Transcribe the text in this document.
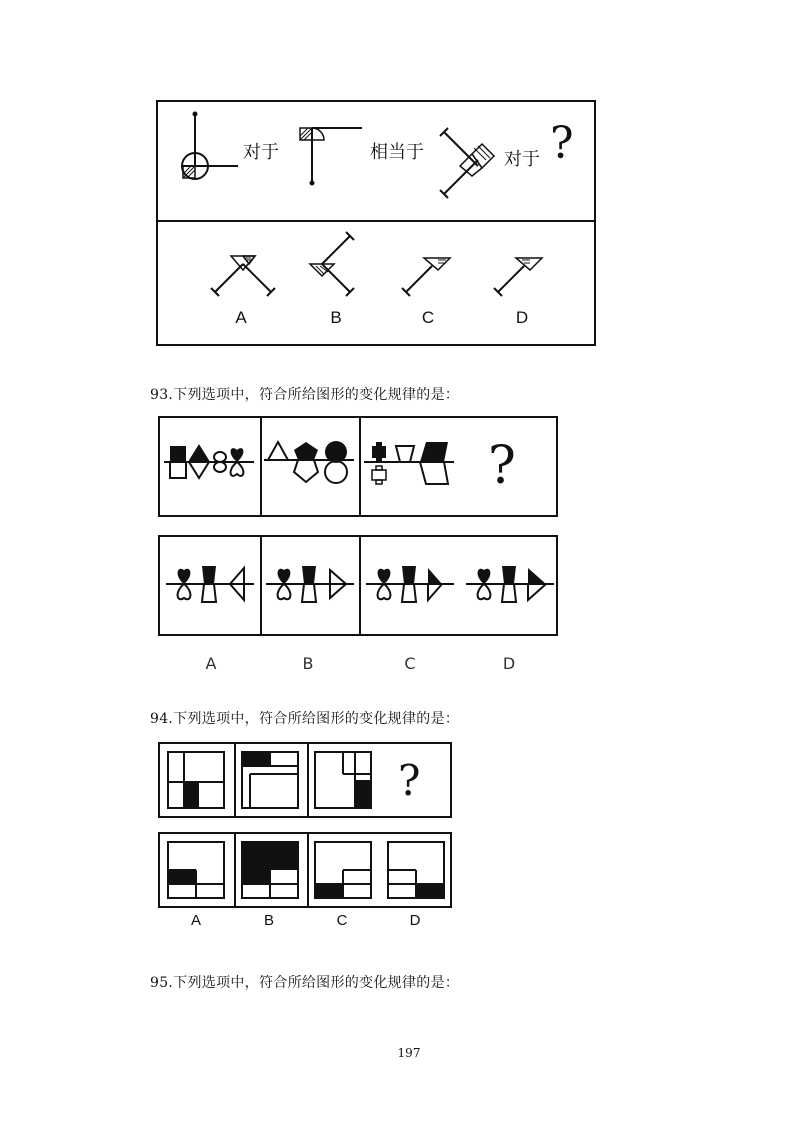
对于	相当于	对于 ?
A	B	C	D
93.下列选项中，符合所给图形的变化规律的是：
?
A	B	C	D
94.下列选项中，符合所给图形的变化规律的是：
?
A	B	C	D
95.下列选项中，符合所给图形的变化规律的是：
197
